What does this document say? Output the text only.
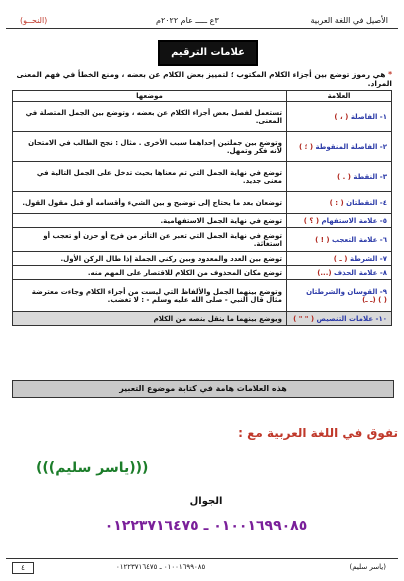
الأصيل في اللغة العربية
٣ع ـــــ عام ٢٠٢٢م
(النحــو)
علامات الترقيم
* هي رموز توضع بين أجزاء الكلام المكتوب ؛ لتمييز بعض الكلام عن بعضه ، ومنع الخطأ في فهم المعنى المراد.
العلامة	موضعها
١- الفاصلة ( ، )	تستعمل لفصل بعض أجزاء الكلام عن بعضه ، وتوضع بين الجمل المتصلة في المعنى.
٢- الفاصلة المنقوطة ( ؛ )	وتوضع بين جملتين إحداهما سبب الأخرى . مثال : نجح الطالب في الامتحان لأنه فكر وتمهل.
٣- النقطة ( . )	توضع في نهاية الجمل التي تم معناها بحيث تدخل على الجمل التالية في معنى جديد.
٤- النقطتان ( : )	توضعان بعد ما يحتاج إلى توضيح و بين الشيء وأقسامه أو قبل مقول القول.
٥- علامة الاستفهام ( ؟ )	توضع في نهاية الجمل الاستفهامية.
٦- علامة التعجب ( ! )	توضع في نهاية الجمل التي تعبر عن التأثر من فرح أو حزن أو تعجب أو استغاثة.
٧- الشرطة ( ـ )	توضع بين العدد والمعدود وبين ركني الجملة إذا طال الركن الأول.
٨- علامة الحذف (...)	توضع مكان المحذوف من الكلام للاقتصار على المهم منه.
٩- القوسان والشرطتان ( ) (ـ ـ)	وتوضع بينهما الجمل والألفاظ التي ليست من أجزاء الكلام وجاءت معترضة مثال قال النبي - صلى الله عليه وسلم - : لا تغضب.
١٠- علامات التنصيص ( " " )	ويوضع بينهما ما ينقل بنصه من الكلام
هذه العلامات هامة في كتابة موضوع التعبير
تفوق في اللغة العربية مع :
(((ياسر سليم)))
الجوال
٠١٠٠١٦٩٩٠٨٥ ـ ٠١٢٢٣٧١٦٤٧٥
٤	٠١٠٠١٦٩٩٠٨٥ ـ ٠١٢٢٣٧١٦٤٧٥	(ياسر سليم)
